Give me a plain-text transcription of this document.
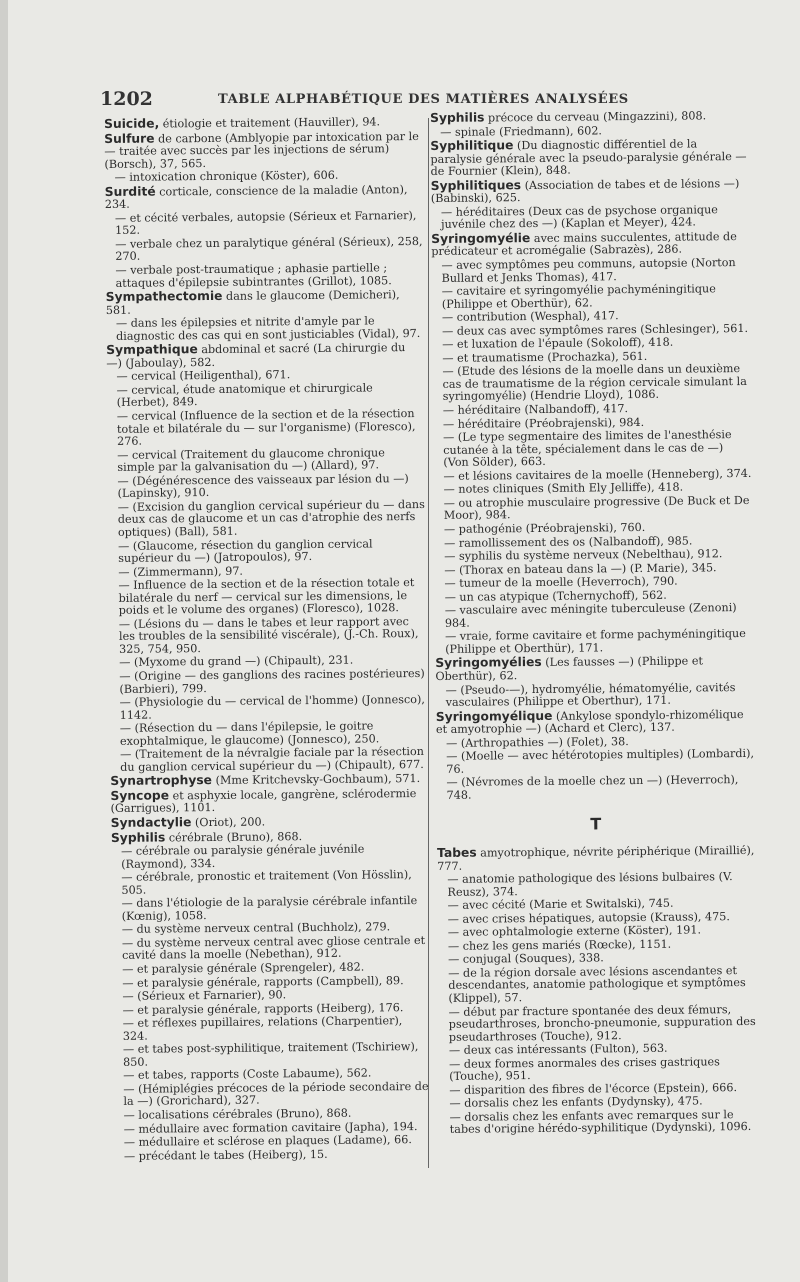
1202	TABLE ALPHABÉTIQUE DES MATIÈRES ANALYSÉES
Suicide, étiologie et traitement (Hauviller), 94.
Sulfure de carbone (Amblyopie par intoxication par le — traitée avec succès par les injections de sérum) (Borsch), 37, 565.
— intoxication chronique (Köster), 606.
Surdité corticale, conscience de la maladie (Anton), 234.
— et cécité verbales, autopsie (Sérieux et Farnarier), 152.
— verbale chez un paralytique général (Sérieux), 258, 270.
— verbale post-traumatique ; aphasie partielle ; attaques d'épilepsie subintrantes (Grillot), 1085.
Sympathectomie dans le glaucome (Demicheri), 581.
— dans les épilepsies et nitrite d'amyle par le diagnostic des cas qui en sont justiciables (Vidal), 97.
Sympathique abdominal et sacré (La chirurgie du —) (Jaboulay), 582.
— cervical (Heiligenthal), 671.
— cervical, étude anatomique et chirurgicale (Herbet), 849.
— cervical (Influence de la section et de la résection totale et bilatérale du — sur l'organisme) (Floresco), 276.
— cervical (Traitement du glaucome chronique simple par la galvanisation du —) (Allard), 97.
— (Dégénérescence des vaisseaux par lésion du —) (Lapinsky), 910.
— (Excision du ganglion cervical supérieur du — dans deux cas de glaucome et un cas d'atrophie des nerfs optiques) (Ball), 581.
— (Glaucome, résection du ganglion cervical supérieur du —) (Jatropoulos), 97.
— (Zimmermann), 97.
— Influence de la section et de la résection totale et bilatérale du nerf — cervical sur les dimensions, le poids et le volume des organes) (Floresco), 1028.
— (Lésions du — dans le tabes et leur rapport avec les troubles de la sensibilité viscérale), (J.-Ch. Roux), 325, 754, 950.
— (Myxome du grand —) (Chipault), 231.
— (Origine — des ganglions des racines postérieures) (Barbieri), 799.
— (Physiologie du — cervical de l'homme) (Jonnesco), 1142.
— (Résection du — dans l'épilepsie, le goitre exophtalmique, le glaucome) (Jonnesco), 250.
— (Traitement de la névralgie faciale par la résection du ganglion cervical supérieur du —) (Chipault), 677.
Synartrophyse (Mme Kritchevsky-Gochbaum), 571.
Syncope et asphyxie locale, gangrène, sclérodermie (Garrigues), 1101.
Syndactylie (Oriot), 200.
Syphilis cérébrale (Bruno), 868.
— cérébrale ou paralysie générale juvénile (Raymond), 334.
— cérébrale, pronostic et traitement (Von Hösslin), 505.
— dans l'étiologie de la paralysie cérébrale infantile (Kœnig), 1058.
— du système nerveux central (Buchholz), 279.
— du système nerveux central avec gliose centrale et cavité dans la moelle (Nebethan), 912.
— et paralysie générale (Sprengeler), 482.
— et paralysie générale, rapports (Campbell), 89.
— (Sérieux et Farnarier), 90.
— et paralysie générale, rapports (Heiberg), 176.
— et réflexes pupillaires, relations (Charpentier), 324.
— et tabes post-syphilitique, traitement (Tschiriew), 850.
— et tabes, rapports (Coste Labaume), 562.
— (Hémiplégies précoces de la période secondaire de la —) (Grorichard), 327.
— localisations cérébrales (Bruno), 868.
— médullaire avec formation cavitaire (Japha), 194.
— médullaire et sclérose en plaques (Ladame), 66.
— précédant le tabes (Heiberg), 15.
Syphilis précoce du cerveau (Mingazzini), 808.
— spinale (Friedmann), 602.
Syphilitique (Du diagnostic différentiel de la paralysie générale avec la pseudo-paralysie générale — de Fournier (Klein), 848.
Syphilitiques (Association de tabes et de lésions —) (Babinski), 625.
— héréditaires (Deux cas de psychose organique juvénile chez des —) (Kaplan et Meyer), 424.
Syringomyélie avec mains succulentes, attitude de prédicateur et acromégalie (Sabrazès), 286.
— avec symptômes peu communs, autopsie (Norton Bullard et Jenks Thomas), 417.
— cavitaire et syringomyélie pachyméningitique (Philippe et Oberthür), 62.
— contribution (Wesphal), 417.
— deux cas avec symptômes rares (Schlesinger), 561.
— et luxation de l'épaule (Sokoloff), 418.
— et traumatisme (Prochazka), 561.
— (Etude des lésions de la moelle dans un deuxième cas de traumatisme de la région cervicale simulant la syringomyélie) (Hendrie Lloyd), 1086.
— héréditaire (Nalbandoff), 417.
— héréditaire (Préobrajenski), 984.
— (Le type segmentaire des limites de l'anesthésie cutanée à la tête, spécialement dans le cas de —) (Von Sölder), 663.
— et lésions cavitaires de la moelle (Henneberg), 374.
— notes cliniques (Smith Ely Jelliffe), 418.
— ou atrophie musculaire progressive (De Buck et De Moor), 984.
— pathogénie (Préobrajenski), 760.
— ramollissement des os (Nalbandoff), 985.
— syphilis du système nerveux (Nebelthau), 912.
— (Thorax en bateau dans la —) (P. Marie), 345.
— tumeur de la moelle (Heverroch), 790.
— un cas atypique (Tchernychoff), 562.
— vasculaire avec méningite tuberculeuse (Zenoni) 984.
— vraie, forme cavitaire et forme pachyméningitique (Philippe et Oberthür), 171.
Syringomyélies (Les fausses —) (Philippe et Oberthür), 62.
— (Pseudo-—), hydromyélie, hématomyélie, cavités vasculaires (Philippe et Oberthur), 171.
Syringomyélique (Ankylose spondylo-rhizomélique et amyotrophie —) (Achard et Clerc), 137.
— (Arthropathies —) (Folet), 38.
— (Moelle — avec hétérotopies multiples) (Lombardi), 76.
— (Névromes de la moelle chez un —) (Heverroch), 748.
T
Tabes amyotrophique, névrite périphérique (Miraillié), 777.
— anatomie pathologique des lésions bulbaires (V. Reusz), 374.
— avec cécité (Marie et Switalski), 745.
— avec crises hépatiques, autopsie (Krauss), 475.
— avec ophtalmologie externe (Köster), 191.
— chez les gens mariés (Rœcke), 1151.
— conjugal (Souques), 338.
— de la région dorsale avec lésions ascendantes et descendantes, anatomie pathologique et symptômes (Klippel), 57.
— début par fracture spontanée des deux fémurs, pseudarthroses, broncho-pneumonie, suppuration des pseudarthroses (Touche), 912.
— deux cas intéressants (Fulton), 563.
— deux formes anormales des crises gastriques (Touche), 951.
— disparition des fibres de l'écorce (Epstein), 666.
— dorsalis chez les enfants (Dydynsky), 475.
— dorsalis chez les enfants avec remarques sur le tabes d'origine hérédo-syphilitique (Dydynski), 1096.
